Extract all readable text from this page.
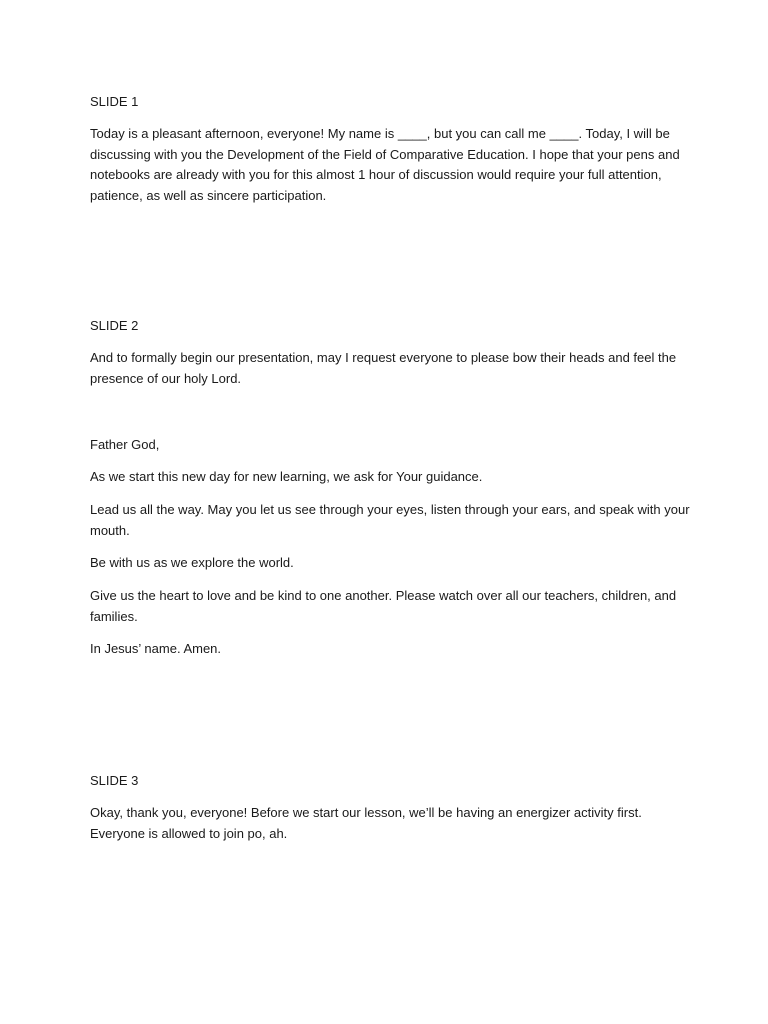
SLIDE 1

Today is a pleasant afternoon, everyone! My name is ____, but you can call me ____. Today, I will be discussing with you the Development of the Field of Comparative Education. I hope that your pens and notebooks are already with you for this almost 1 hour of discussion would require your full attention, patience, as well as sincere participation.

SLIDE 2

And to formally begin our presentation, may I request everyone to please bow their heads and feel the presence of our holy Lord.

Father God,

As we start this new day for new learning, we ask for Your guidance.

Lead us all the way. May you let us see through your eyes, listen through your ears, and speak with your mouth.

Be with us as we explore the world.

Give us the heart to love and be kind to one another. Please watch over all our teachers, children, and families.

In Jesus’ name. Amen.

SLIDE 3

Okay, thank you, everyone! Before we start our lesson, we’ll be having an energizer activity first. Everyone is allowed to join po, ah.
